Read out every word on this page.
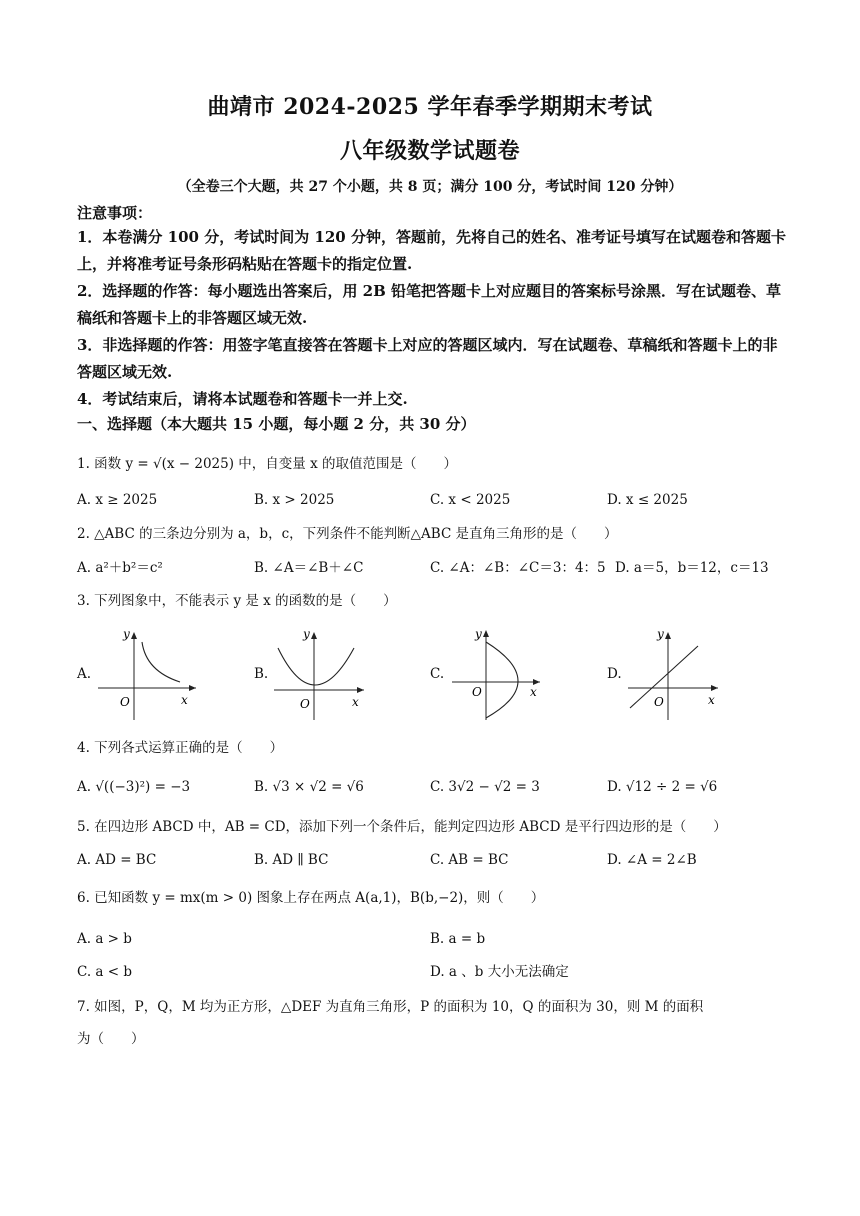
曲靖市 2024-2025 学年春季学期期末考试
八年级数学试题卷
（全卷三个大题，共 27 个小题，共 8 页；满分 100 分，考试时间 120 分钟）
注意事项：
1．本卷满分 100 分，考试时间为 120 分钟，答题前，先将自己的姓名、准考证号填写在试题卷和答题卡上，并将准考证号条形码粘贴在答题卡的指定位置.
2．选择题的作答：每小题选出答案后，用 2B 铅笔把答题卡上对应题目的答案标号涂黑．写在试题卷、草稿纸和答题卡上的非答题区域无效.
3．非选择题的作答：用签字笔直接答在答题卡上对应的答题区域内．写在试题卷、草稿纸和答题卡上的非答题区域无效.
4．考试结束后，请将本试题卷和答题卡一并上交.
一、选择题（本大题共 15 小题，每小题 2 分，共 30 分）
1. 函数 y = √(x − 2025) 中，自变量 x 的取值范围是（　　）
A. x ≥ 2025	B. x > 2025	C. x < 2025	D. x ≤ 2025
2. △ABC 的三条边分别为 a，b，c，下列条件不能判断△ABC 是直角三角形的是（　　）
A. a²＋b²＝c²	B. ∠A＝∠B＋∠C	C. ∠A：∠B：∠C＝3：4：5 D. a＝5，b＝12，c＝13
3. 下列图象中，不能表示 y 是 x 的函数的是（　　）
A.
y
x
O
B.
y
x
O
C.
y
x
O
D.
y
x
O
4. 下列各式运算正确的是（　　）
A. √((−3)²) = −3	B. √3 × √2 = √6	C. 3√2 − √2 = 3	D. √12 ÷ 2 = √6
5. 在四边形 ABCD 中，AB = CD，添加下列一个条件后，能判定四边形 ABCD 是平行四边形的是（　　）
A. AD = BC	B. AD ∥ BC	C. AB = BC	D. ∠A = 2∠B
6. 已知函数 y = mx(m > 0) 图象上存在两点 A(a,1)，B(b,−2)，则（　　）
A. a > b	B. a = b
C. a < b	D. a 、b 大小无法确定
7. 如图，P，Q，M 均为正方形，△DEF 为直角三角形，P 的面积为 10，Q 的面积为 30，则 M 的面积
为（　　）
